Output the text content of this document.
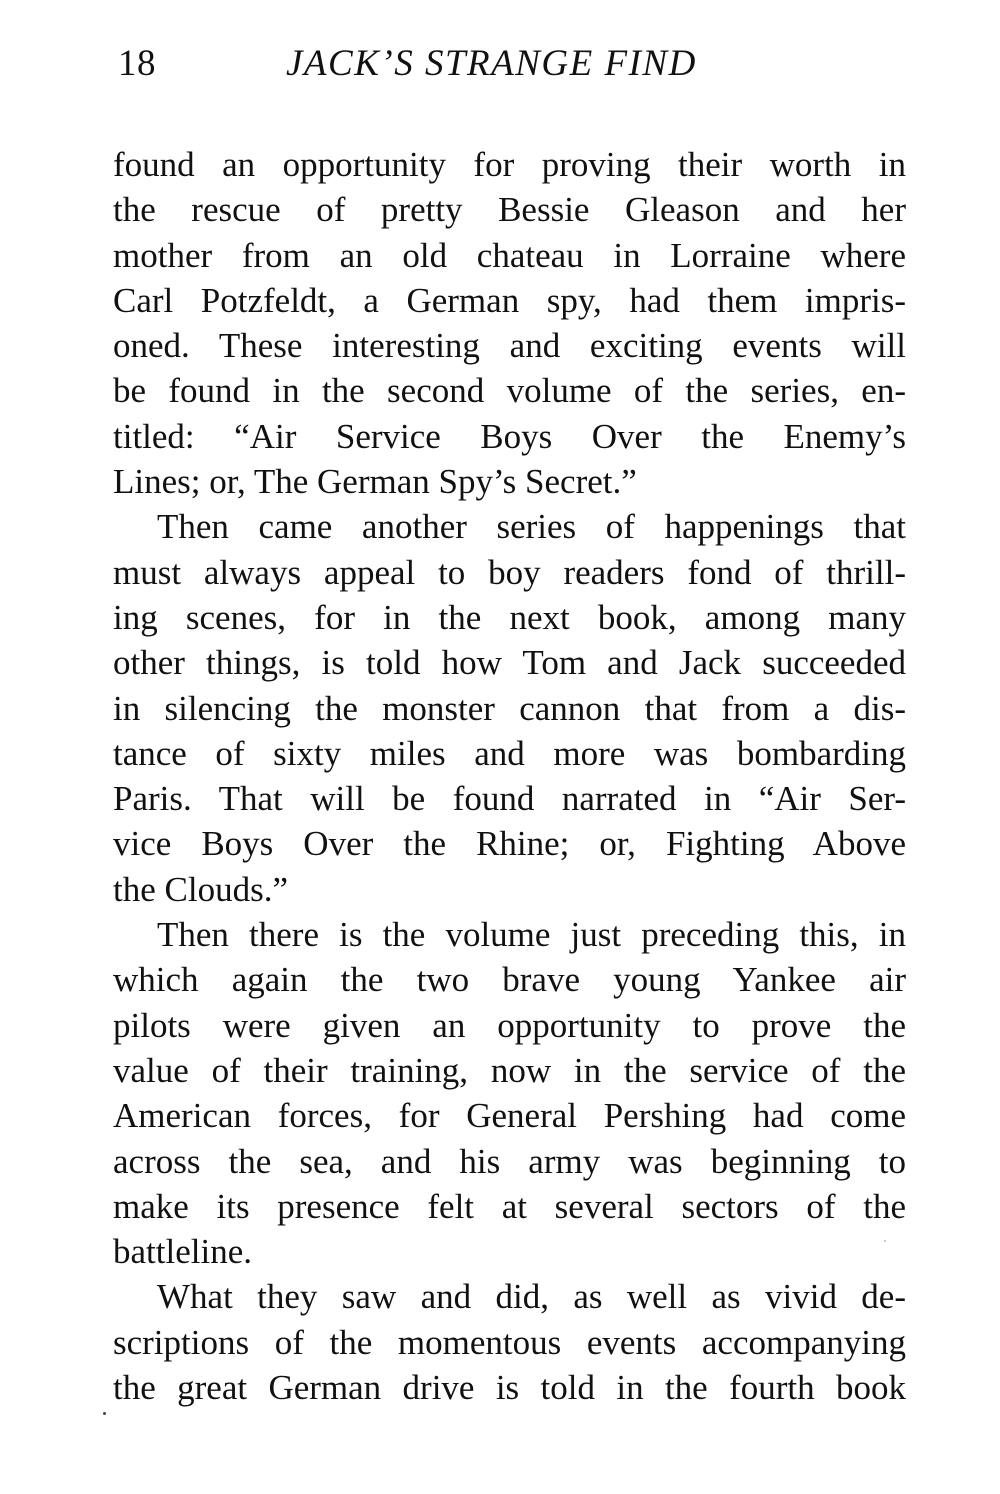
18	JACK’S STRANGE FIND
found an opportunity for proving their worth in
the rescue of pretty Bessie Gleason and her
mother from an old chateau in Lorraine where
Carl Potzfeldt, a German spy, had them impris-
oned. These interesting and exciting events will
be found in the second volume of the series, en-
titled: “Air Service Boys Over the Enemy’s
Lines; or, The German Spy’s Secret.”
Then came another series of happenings that
must always appeal to boy readers fond of thrill-
ing scenes, for in the next book, among many
other things, is told how Tom and Jack succeeded
in silencing the monster cannon that from a dis-
tance of sixty miles and more was bombarding
Paris. That will be found narrated in “Air Ser-
vice Boys Over the Rhine; or, Fighting Above
the Clouds.”
Then there is the volume just preceding this, in
which again the two brave young Yankee air
pilots were given an opportunity to prove the
value of their training, now in the service of the
American forces, for General Pershing had come
across the sea, and his army was beginning to
make its presence felt at several sectors of the
battleline.
What they saw and did, as well as vivid de-
scriptions of the momentous events accompanying
the great German drive is told in the fourth book
